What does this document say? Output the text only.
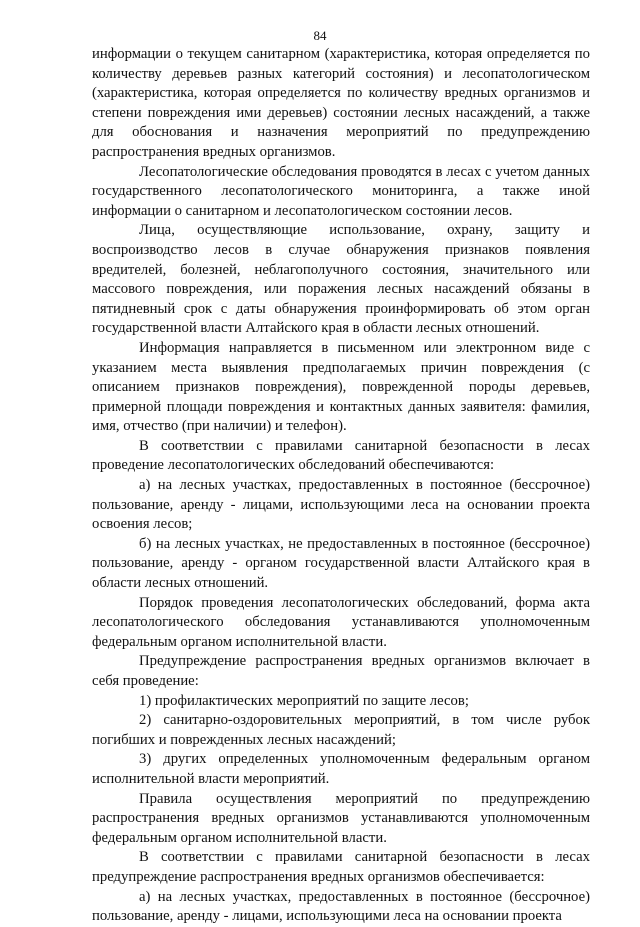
84

информации о текущем санитарном (характеристика, которая определяется по количеству деревьев разных категорий состояния) и лесопатологическом (характеристика, которая определяется по количеству вредных организмов и степени повреждения ими деревьев) состоянии лесных насаждений, а также для обоснования и назначения мероприятий по предупреждению распространения вредных организмов.

Лесопатологические обследования проводятся в лесах с учетом данных государственного лесопатологического мониторинга, а также иной информации о санитарном и лесопатологическом состоянии лесов.

Лица, осуществляющие использование, охрану, защиту и воспроизводство лесов в случае обнаружения признаков появления вредителей, болезней, неблагополучного состояния, значительного или массового повреждения, или поражения лесных насаждений обязаны в пятидневный срок с даты обнаружения проинформировать об этом орган государственной власти Алтайского края в области лесных отношений.

Информация направляется в письменном или электронном виде с указанием места выявления предполагаемых причин повреждения (с описанием признаков повреждения), поврежденной породы деревьев, примерной площади повреждения и контактных данных заявителя: фамилия, имя, отчество (при наличии) и телефон).

В соответствии с правилами санитарной безопасности в лесах проведение лесопатологических обследований обеспечиваются:

а) на лесных участках, предоставленных в постоянное (бессрочное) пользование, аренду - лицами, использующими леса на основании проекта освоения лесов;

б) на лесных участках, не предоставленных в постоянное (бессрочное) пользование, аренду - органом государственной власти Алтайского края в области лесных отношений.

Порядок проведения лесопатологических обследований, форма акта лесопатологического обследования устанавливаются уполномоченным федеральным органом исполнительной власти.

Предупреждение распространения вредных организмов включает в себя проведение:

1) профилактических мероприятий по защите лесов;

2) санитарно-оздоровительных мероприятий, в том числе рубок погибших и поврежденных лесных насаждений;

3) других определенных уполномоченным федеральным органом исполнительной власти мероприятий.

Правила осуществления мероприятий по предупреждению распространения вредных организмов устанавливаются уполномоченным федеральным органом исполнительной власти.

В соответствии с правилами санитарной безопасности в лесах предупреждение распространения вредных организмов обеспечивается:

а) на лесных участках, предоставленных в постоянное (бессрочное) пользование, аренду - лицами, использующими леса на основании проекта
